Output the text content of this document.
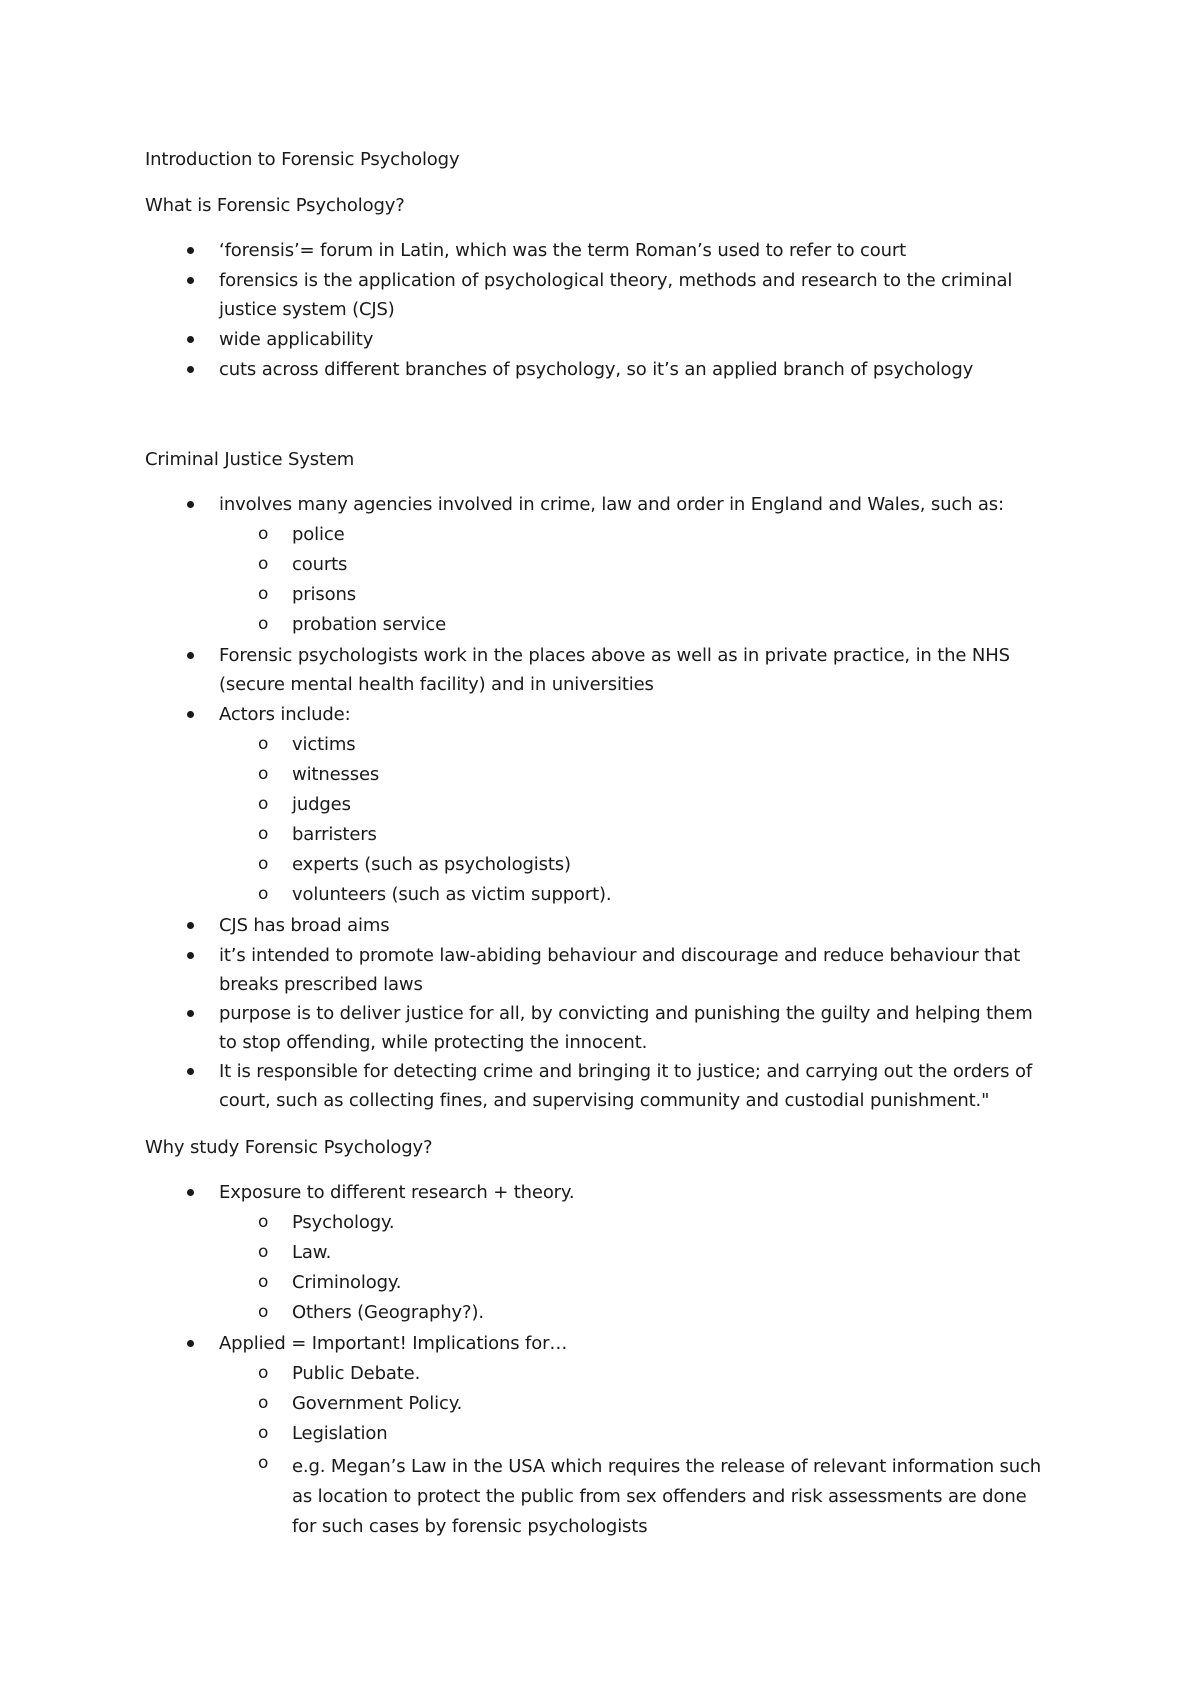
Introduction to Forensic Psychology
What is Forensic Psychology?
‘forensis’= forum in Latin, which was the term Roman’s used to refer to court
forensics is the application of psychological theory, methods and research to the criminal
justice system (CJS)
wide applicability
cuts across different branches of psychology, so it’s an applied branch of psychology
Criminal Justice System
involves many agencies involved in crime, law and order in England and Wales, such as:
o police
o courts
o prisons
o probation service
Forensic psychologists work in the places above as well as in private practice, in the NHS
(secure mental health facility) and in universities
Actors include:
o victims
o witnesses
o judges
o barristers
o experts (such as psychologists)
o volunteers (such as victim support).
CJS has broad aims
it’s intended to promote law-abiding behaviour and discourage and reduce behaviour that
breaks prescribed laws
purpose is to deliver justice for all, by convicting and punishing the guilty and helping them
to stop offending, while protecting the innocent.
It is responsible for detecting crime and bringing it to justice; and carrying out the orders of
court, such as collecting fines, and supervising community and custodial punishment."
Why study Forensic Psychology?
Exposure to different research + theory.
o Psychology.
o Law.
o Criminology.
o Others (Geography?).
Applied = Important! Implications for…
o Public Debate.
o Government Policy.
o Legislation
o e.g. Megan’s Law in the USA which requires the release of relevant information such
as location to protect the public from sex offenders and risk assessments are done
for such cases by forensic psychologists
